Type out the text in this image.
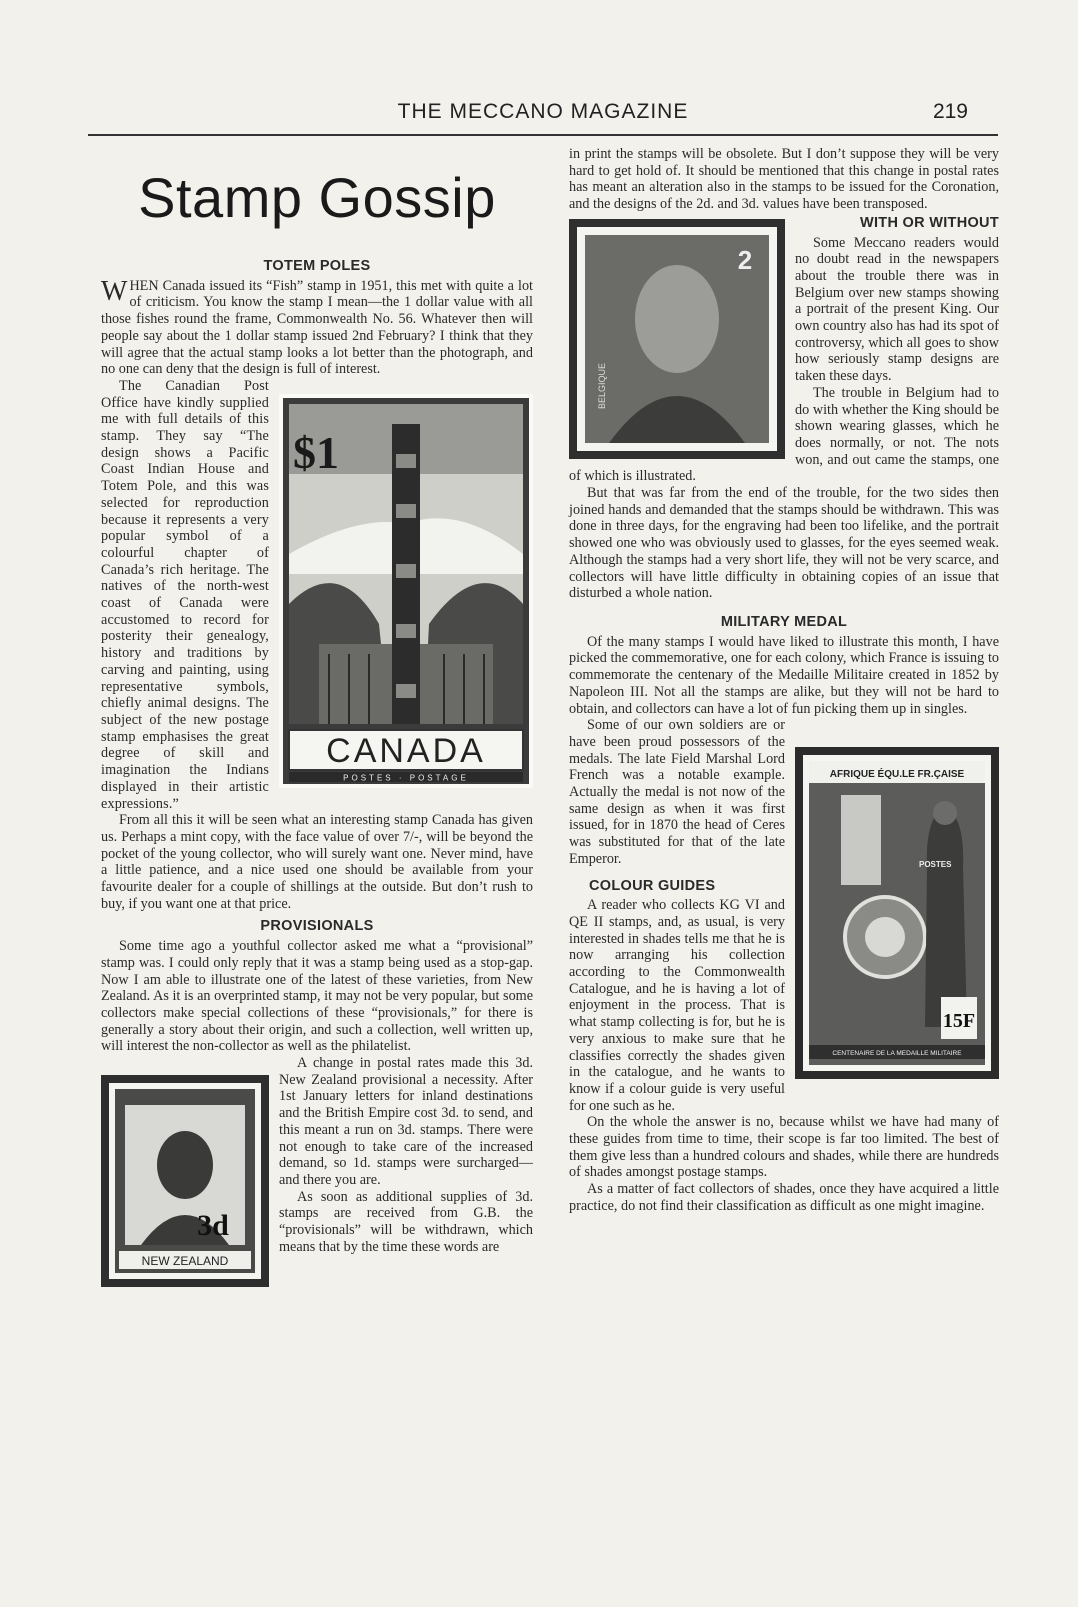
THE MECCANO MAGAZINE	219
Stamp Gossip
TOTEM POLES

WHEN Canada issued its “Fish” stamp in 1951, this met with quite a lot of criticism. You know the stamp I mean—the 1 dollar value with all those fishes round the frame, Commonwealth No. 56. Whatever then will people say about the 1 dollar stamp issued 2nd February? I think that they will agree that the actual stamp looks a lot better than the photograph, and no one can deny that the design is full of interest.

$1
CANADA
POSTES · POSTAGE

The Canadian Post Office have kindly supplied me with full details of this stamp. They say “The design shows a Pacific Coast Indian House and Totem Pole, and this was selected for reproduction because it represents a very popular symbol of a colourful chapter of Canada’s rich heritage. The natives of the north-west coast of Canada were accustomed to record for posterity their genealogy, history and traditions by carving and painting, using representative symbols, chiefly animal designs. The subject of the new postage stamp emphasises the great degree of skill and imagination the Indians displayed in their artistic expressions.”

From all this it will be seen what an interesting stamp Canada has given us. Perhaps a mint copy, with the face value of over 7/-, will be beyond the pocket of the young collector, who will surely want one. Never mind, have a little patience, and a nice used one should be available from your favourite dealer for a couple of shillings at the outside. But don’t rush to buy, if you want one at that price.

PROVISIONALS

Some time ago a youthful collector asked me what a “provisional” stamp was. I could only reply that it was a stamp being used as a stop-gap. Now I am able to illustrate one of the latest of these varieties, from New Zealand. As it is an overprinted stamp, it may not be very popular, but some collectors make special collections of these “provisionals,” for there is generally a story about their origin, and such a collection, well written up, will interest the non-collector as well as the philatelist.

3d
NEW ZEALAND

A change in postal rates made this 3d. New Zealand provisional a necessity. After 1st January letters for inland destinations and the British Empire cost 3d. to send, and this meant a run on 3d. stamps. There were not enough to take care of the increased demand, so 1d. stamps were surcharged—and there you are.

As soon as additional supplies of 3d. stamps are received from G.B. the “provisionals” will be withdrawn, which means that by the time these words are

in print the stamps will be obsolete. But I don’t suppose they will be very hard to get hold of. It should be mentioned that this change in postal rates has meant an alteration also in the stamps to be issued for the Coronation, and the designs of the 2d. and 3d. values have been transposed.

2
BELGIQUE
WITH OR WITHOUT

Some Meccano readers would no doubt read in the newspapers about the trouble there was in Belgium over new stamps showing a portrait of the present King. Our own country also has had its spot of controversy, which all goes to show how seriously stamp designs are taken these days.

The trouble in Belgium had to do with whether the King should be shown wearing glasses, which he does normally, or not. The nots won, and out came the stamps, one of which is illustrated.

But that was far from the end of the trouble, for the two sides then joined hands and demanded that the stamps should be withdrawn. This was done in three days, for the engraving had been too lifelike, and the portrait showed one who was obviously used to glasses, for the eyes seemed weak. Although the stamps had a very short life, they will not be very scarce, and collectors will have little difficulty in obtaining copies of an issue that disturbed a whole nation.

MILITARY MEDAL

Of the many stamps I would have liked to illustrate this month, I have picked the commemorative, one for each colony, which France is issuing to commemorate the centenary of the Medaille Militaire created in 1852 by Napoleon III. Not all the stamps are alike, but they will not be hard to obtain, and collectors can have a lot of fun picking them up in singles.

AFRIQUE ÉQU.LE FR.ÇAISE
POSTES
15F
CENTENAIRE DE LA MEDAILLE MILITAIRE

Some of our own soldiers are or have been proud possessors of the medals. The late Field Marshal Lord French was a notable example. Actually the medal is not now of the same design as when it was first issued, for in 1870 the head of Ceres was substituted for that of the late Emperor.

COLOUR GUIDES

A reader who collects KG VI and QE II stamps, and, as usual, is very interested in shades tells me that he is now arranging his collection according to the Commonwealth Catalogue, and he is having a lot of enjoyment in the process. That is what stamp collecting is for, but he is very anxious to make sure that he classifies correctly the shades given in the catalogue, and he wants to know if a colour guide is very useful for one such as he.

On the whole the answer is no, because whilst we have had many of these guides from time to time, their scope is far too limited. The best of them give less than a hundred colours and shades, while there are hundreds of shades amongst postage stamps.

As a matter of fact collectors of shades, once they have acquired a little practice, do not find their classification as difficult as one might imagine.
